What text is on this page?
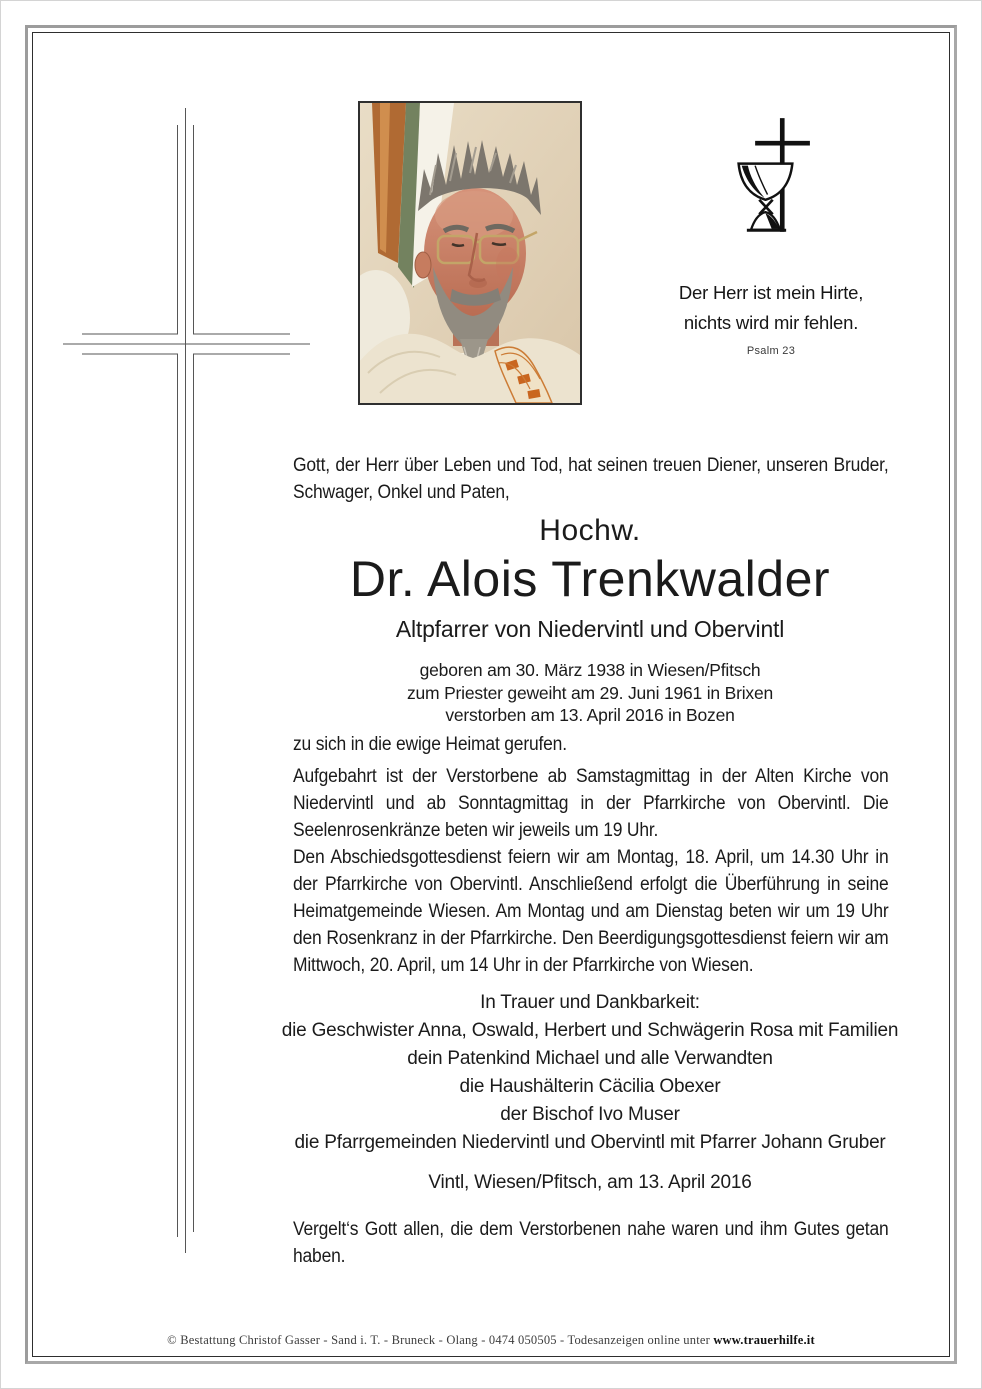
Der Herr ist mein Hirte,
nichts wird mir fehlen.
Psalm 23

Gott, der Herr über Leben und Tod, hat seinen treuen Diener, unseren Bruder, Schwager, Onkel und Paten,

Hochw.
Dr. Alois Trenkwalder
Altpfarrer von Niedervintl und Obervintl
geboren am 30. März 1938 in Wiesen/Pfitsch
zum Priester geweiht am 29. Juni 1961 in Brixen
verstorben am 13. April 2016 in Bozen

zu sich in die ewige Heimat gerufen.

Aufgebahrt ist der Verstorbene ab Samstagmittag in der Alten Kirche von Niedervintl und ab Sonntagmittag in der Pfarrkirche von Obervintl. Die Seelenrosenkränze beten wir jeweils um 19 Uhr.

Den Abschiedsgottesdienst feiern wir am Montag, 18. April, um 14.30 Uhr in der Pfarrkirche von Obervintl. Anschließend erfolgt die Überführung in seine Heimatgemeinde Wiesen. Am Montag und am Dienstag beten wir um 19 Uhr den Rosenkranz in der Pfarrkirche. Den Beerdigungsgottesdienst feiern wir am Mittwoch, 20. April, um 14 Uhr in der Pfarrkirche von Wiesen.

In Trauer und Dankbarkeit:
die Geschwister Anna, Oswald, Herbert und Schwägerin Rosa mit Familien
dein Patenkind Michael und alle Verwandten
die Haushälterin Cäcilia Obexer
der Bischof Ivo Muser
die Pfarrgemeinden Niedervintl und Obervintl mit Pfarrer Johann Gruber
Vintl, Wiesen/Pfitsch, am 13. April 2016

Vergelt‘s Gott allen, die dem Verstorbenen nahe waren und ihm Gutes getan haben.

© Bestattung Christof Gasser - Sand i. T. - Bruneck - Olang - 0474 050505 - Todesanzeigen online unter www.trauerhilfe.it
